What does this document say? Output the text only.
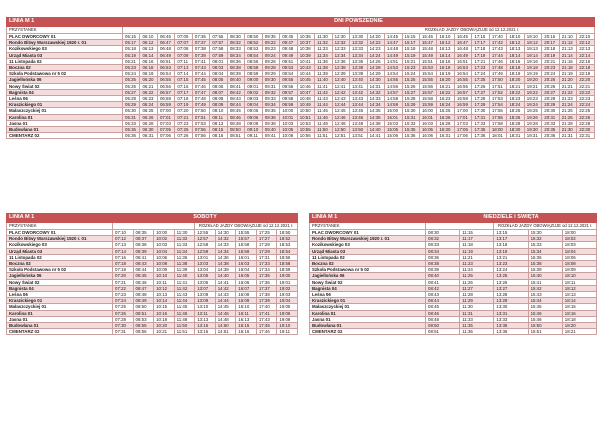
LINIA M 1	DNI POWSZEDNIE																										
PRZYSTANEK														ROZKŁAD JAZDY OBOWIĄZUJE od 12.12.2021 r.													
PLAC DWORCOWY 01	05:15	06:10	06:45	07:05	07:35	07:55	08:30	08:50	09:35	09:45	10:35	11:30	12:30	13:30	14:20	14:45	15:15	15:45	16:10	16:45	17:15	17:40	18:10	19:10	20:15	21:10	22:10
Rondo Bitwy Warszawskiej 1920 r. 01	05:17	06:12	06:47	07:07	07:37	07:57	08:32	08:52	09:22	09:47	10:37	11:32	12:32	13:32	14:22	14:47	15:17	15:47	16:12	16:47	17:17	17:42	18:12	19:12	20:17	21:12	22:12
Kozikowskiego 03	05:18	06:13	06:48	07:08	07:38	07:58	08:33	08:53	09:23	09:48	10:38	11:33	12:33	13:33	14:23	14:48	15:18	15:48	16:13	16:48	17:18	17:43	18:13	19:13	20:18	21:13	22:13
Urząd Miasta 03	05:19	06:14	06:49	07:09	07:39	07:59	08:34	08:54	09:24	09:49	10:39	11:34	12:34	13:34	14:24	14:49	15:19	15:49	16:14	16:49	17:19	17:44	18:14	19:14	20:19	21:14	22:14
11 Listopada 02	05:21	06:16	06:51	07:11	07:41	08:01	08:36	08:56	09:26	09:51	10:41	11:36	12:36	13:36	14:26	14:51	15:21	15:51	16:16	16:51	17:21	17:46	18:16	19:16	20:21	21:16	22:16
Boczna 02	05:23	06:18	06:53	07:13	07:43	08:03	08:38	08:58	09:28	09:53	10:43	11:38	12:38	13:38	14:28	14:53	15:23	15:53	16:18	16:53	17:23	17:48	18:18	19:18	20:23	21:18	22:18
Szkoła Podstawowa nr 5 02	05:24	06:19	06:54	07:14	07:44	08:04	08:39	08:59	09:29	09:54	10:44	11:39	12:39	13:39	14:29	14:54	15:24	15:54	16:19	16:54	17:24	17:49	18:19	19:19	20:24	21:19	22:19
Jagiellońska 06	05:25	06:20	06:55	07:15	07:45	08:05	08:40	09:00	09:30	09:55	10:45	11:40	12:40	13:40	14:30	14:55	15:25	15:55	16:20	16:55	17:25	17:50	18:20	19:20	20:25	21:20	22:20
Nowy Świat 02	05:26	06:21	06:56	07:16	07:46	08:06	08:41	09:01	09:31	09:56	10:46	11:41	12:41	13:41	14:31	14:56	15:26	15:56	16:21	16:56	17:26	17:51	18:21	19:21	20:26	21:21	22:21
Bagnista 04	05:27	06:22	06:57	07:17	07:47	08:07	08:42	09:02	09:32	09:57	10:47	11:42	12:42	13:42	14:32	14:57	15:27	15:57	16:22	16:57	17:27	17:52	18:22	19:22	20:27	21:22	22:22
Leśna 06	05:28	06:23	06:58	07:18	07:48	08:08	08:43	09:03	09:33	09:58	10:48	11:43	12:43	13:43	14:33	14:58	15:28	15:58	16:23	16:58	17:28	17:53	18:23	19:23	20:28	21:23	22:23
Kraszickiego 01	05:29	06:24	06:59	07:19	07:49	08:09	08:44	09:04	09:34	09:59	10:49	11:44	12:44	13:44	14:34	14:59	15:29	15:59	16:24	16:59	17:29	17:54	18:24	19:24	20:29	21:24	22:24
Małaszczyckiej 01	05:30	06:25	07:00	07:20	07:50	08:10	08:45	09:05	09:35	10:00	10:50	11:45	12:45	13:45	14:35	15:00	15:30	16:00	16:25	17:00	17:30	17:55	18:25	19:25	20:30	21:25	22:25
Karolina 01	05:31	06:26	07:01	07:21	07:51	08:11	08:46	09:06	09:36	10:01	10:51	11:46	12:46	13:46	14:36	15:01	15:31	16:01	16:26	17:01	17:31	17:56	18:26	19:26	20:31	21:26	22:26
Jasna 01	05:33	06:28	07:03	07:23	07:53	08:13	08:48	09:08	09:38	10:03	10:53	11:48	12:48	13:48	14:38	15:03	15:33	16:03	16:28	17:03	17:33	17:58	18:28	19:28	20:33	21:28	22:28
Budowlana 01	05:35	06:30	07:05	07:25	07:55	08:15	08:50	09:10	09:40	10:05	10:55	11:50	12:50	13:50	14:40	15:05	15:35	16:05	16:30	17:05	17:35	18:00	18:30	19:30	20:35	21:30	22:30
CMENTARZ 02	05:36	06:31	07:06	07:26	07:56	08:16	08:51	09:11	09:41	10:06	10:56	11:51	12:51	13:51	14:41	15:06	15:36	16:06	16:31	17:06	17:36	18:01	18:31	19:31	20:36	21:31	22:31
LINIA M 1	SOBOTY								
PRZYSTANEK					ROZKŁAD JAZDY OBOWIĄZUJE od 12.12.2021 r.				
PLAC DWORCOWY 01	07:10	08:35	10:00	11:30	12:55	14:30	15:55	17:25	18:50
Rondo Bitwy Warszawskiej 1920 r. 01	07:12	08:37	10:02	11:32	12:57	14:32	15:57	17:27	18:52
Kozikowskiego 03	07:13	08:38	10:03	11:33	12:58	14:33	15:58	17:28	18:53
Urząd Miasta 03	07:14	08:39	10:04	11:34	12:59	14:34	15:59	17:29	18:54
11 Listopada 02	07:16	08:41	10:06	11:36	13:01	14:36	16:01	17:31	18:56
Boczna 02	07:18	08:43	10:08	11:38	13:03	14:38	16:03	17:33	18:58
Szkoła Podstawowa nr 5 02	07:19	08:44	10:09	11:39	13:04	14:39	16:04	17:34	18:59
Jagiellońska 06	07:20	08:45	10:10	11:40	13:05	14:40	16:05	17:35	19:00
Nowy Świat 02	07:21	08:46	10:11	11:41	13:06	14:41	16:06	17:36	19:01
Bagnista 04	07:22	08:47	10:12	11:42	13:07	14:42	16:07	17:37	19:02
Leśna 06	07:23	08:48	10:13	11:43	13:08	14:43	16:08	17:38	19:03
Kraszickiego 01	07:24	08:49	10:14	11:44	13:09	14:44	16:09	17:39	19:04
Małaszczyckiej 01	07:25	08:50	10:15	11:45	13:10	14:45	16:10	17:40	19:05
Karolina 01	07:26	08:51	10:16	11:46	13:11	14:46	16:11	17:41	19:06
Jasna 01	07:28	08:53	10:18	11:48	13:13	14:48	16:13	17:43	19:08
Budowlana 01	07:30	08:55	10:20	11:50	13:15	14:50	16:15	17:45	19:10
CMENTARZ 02	07:31	08:56	10:21	11:51	13:16	14:51	16:16	17:46	19:11
LINIA M 1	NIEDZIELE I ŚWIĘTA				
PRZYSTANEK			ROZKŁAD JAZDY OBOWIĄZUJE od 12.12.2021 r.		
PLAC DWORCOWY 01	08:30	11:15	13:15	15:30	18:00
Rondo Bitwy Warszawskiej 1920 r. 01	08:32	11:17	13:17	15:32	18:02
Kozikowskiego 03	08:33	11:18	13:18	15:33	18:03
Urząd Miasta 03	08:34	11:19	13:19	15:34	18:04
11 Listopada 02	08:36	11:21	13:21	15:36	18:06
Boczna 02	08:38	11:23	13:23	15:38	18:08
Szkoła Podstawowa nr 5 02	08:39	11:24	13:24	15:39	18:09
Jagiellońska 06	08:40	11:25	13:25	15:40	18:10
Nowy Świat 02	08:41	11:26	13:26	15:41	18:11
Bagnista 04	08:42	11:27	13:27	15:42	18:12
Leśna 06	08:43	11:28	13:28	15:43	18:13
Kraszickiego 01	08:44	11:29	13:29	15:44	18:14
Małaszczyckiej 01	08:45	11:30	13:30	15:45	18:15
Karolina 01	08:46	11:31	13:31	15:46	18:16
Jasna 01	08:48	11:33	13:33	15:48	18:18
Budowlana 01	08:50	11:35	13:35	15:50	18:20
CMENTARZ 02	08:51	11:36	13:36	15:51	18:21
